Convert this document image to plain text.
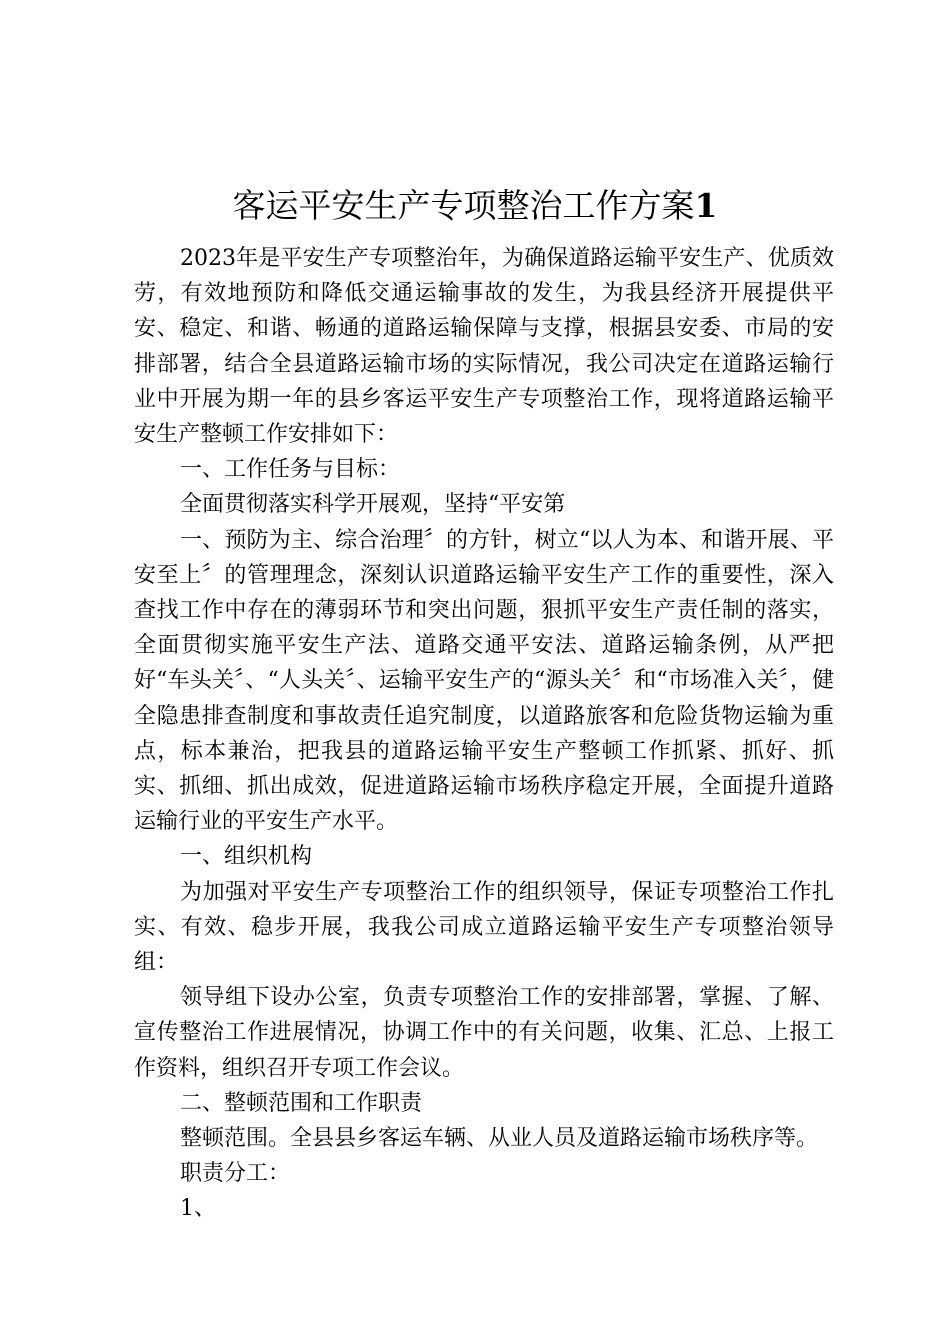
客运平安生产专项整治工作方案1

2023年是平安生产专项整治年，为确保道路运输平安生产、优质效劳，有效地预防和降低交通运输事故的发生，为我县经济开展提供平安、稳定、和谐、畅通的道路运输保障与支撑，根据县安委、市局的安排部署，结合全县道路运输市场的实际情况，我公司决定在道路运输行业中开展为期一年的县乡客运平安生产专项整治工作，现将道路运输平安生产整顿工作安排如下：

一、工作任务与目标：

全面贯彻落实科学开展观，坚持“平安第

一、预防为主、综合治理〞的方针，树立“以人为本、和谐开展、平安至上〞的管理理念，深刻认识道路运输平安生产工作的重要性，深入查找工作中存在的薄弱环节和突出问题，狠抓平安生产责任制的落实，全面贯彻实施平安生产法、道路交通平安法、道路运输条例，从严把好“车头关〞、“人头关〞、运输平安生产的“源头关〞和“市场准入关〞，健全隐患排查制度和事故责任追究制度，以道路旅客和危险货物运输为重点，标本兼治，把我县的道路运输平安生产整顿工作抓紧、抓好、抓实、抓细、抓出成效，促进道路运输市场秩序稳定开展，全面提升道路运输行业的平安生产水平。

一、组织机构

为加强对平安生产专项整治工作的组织领导，保证专项整治工作扎实、有效、稳步开展，我我公司成立道路运输平安生产专项整治领导组：

领导组下设办公室，负责专项整治工作的安排部署，掌握、了解、宣传整治工作进展情况，协调工作中的有关问题，收集、汇总、上报工作资料，组织召开专项工作会议。

二、整顿范围和工作职责

整顿范围。全县县乡客运车辆、从业人员及道路运输市场秩序等。

职责分工：

1、
